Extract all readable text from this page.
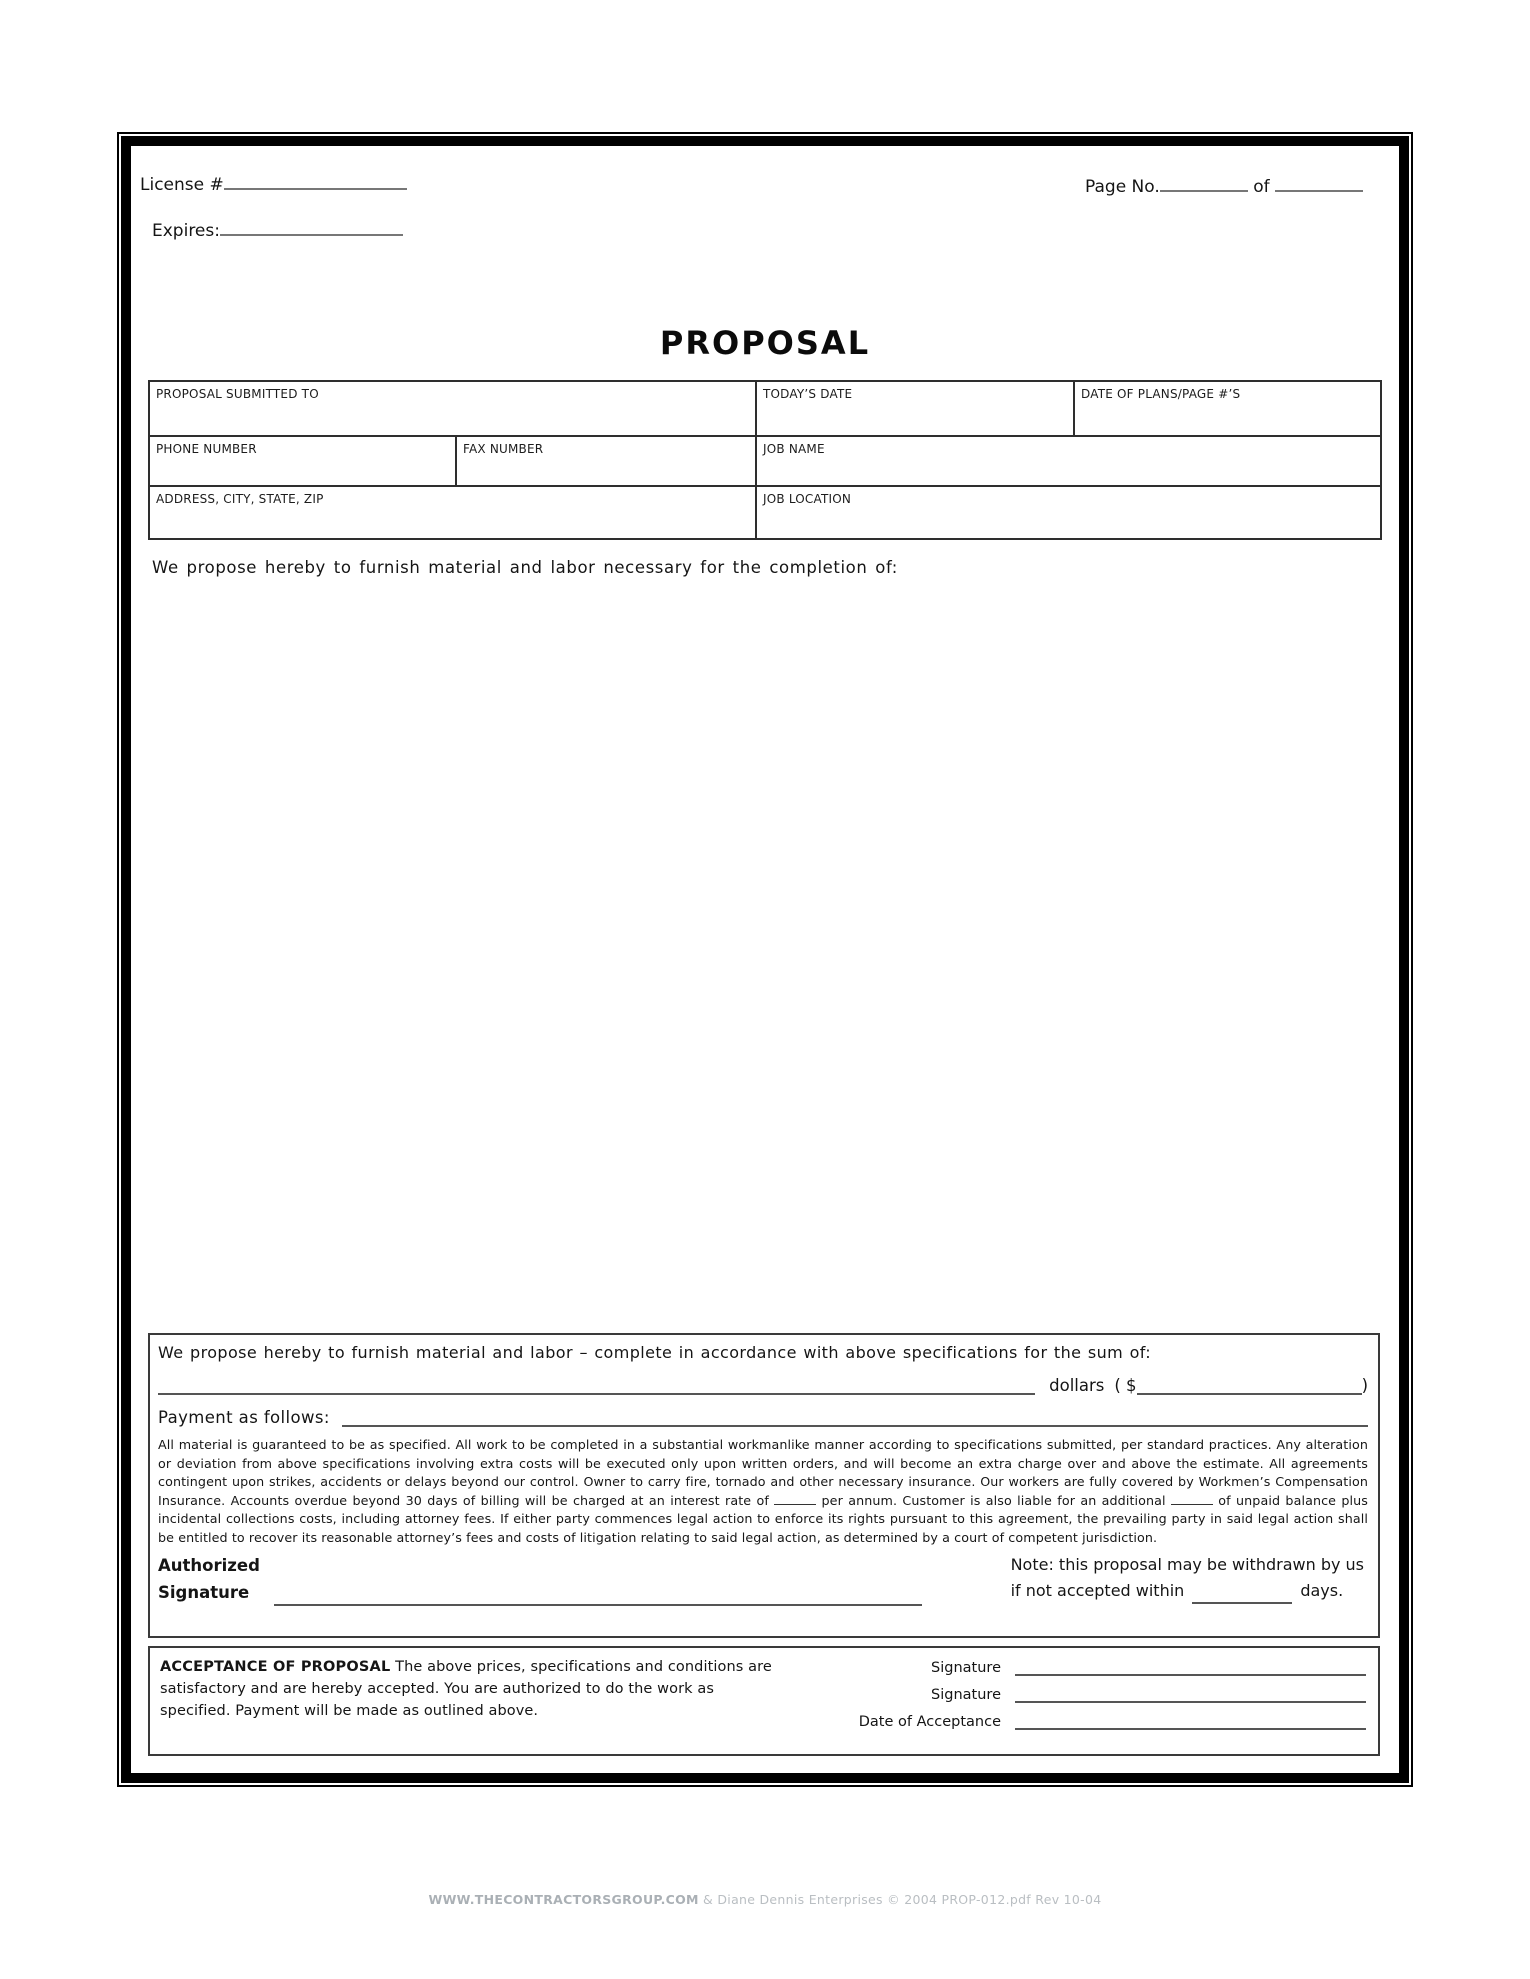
License #	Page No.	of
Expires:
PROPOSAL
PROPOSAL SUBMITTED TO		TODAY’S DATE	DATE OF PLANS/PAGE #’S
PHONE NUMBER	FAX NUMBER	JOB NAME	
ADDRESS, CITY, STATE, ZIP		JOB LOCATION	
We propose hereby to furnish material and labor necessary for the completion of:
We propose hereby to furnish material and labor – complete in accordance with above specifications for the sum of:
dollars ( $	)
Payment as follows:

All material is guaranteed to be as specified. All work to be completed in a substantial workmanlike manner according to specifications submitted, per standard practices. Any alteration or deviation from above specifications involving extra costs will be executed only upon written orders, and will become an extra charge over and above the estimate. All agreements contingent upon strikes, accidents or delays beyond our control. Owner to carry fire, tornado and other necessary insurance. Our workers are fully covered by Workmen’s Compensation Insurance. Accounts overdue beyond 30 days of billing will be charged at an interest rate of	per annum. Customer is also liable for an additional	of unpaid balance plus incidental collections costs, including attorney fees. If either party commences legal action to enforce its rights pursuant to this agreement, the prevailing party in said legal action shall be entitled to recover its reasonable attorney’s fees and costs of litigation relating to said legal action, as determined by a court of competent jurisdiction.

Authorized
Signature
Note: this proposal may be withdrawn by us
if not accepted within	days.

ACCEPTANCE OF PROPOSAL The above prices, specifications and conditions are satisfactory and are hereby accepted. You are authorized to do the work as specified. Payment will be made as outlined above.

Signature
Signature
Date of Acceptance
WWW.THECONTRACTORSGROUP.COM & Diane Dennis Enterprises © 2004 PROP-012.pdf Rev 10-04
